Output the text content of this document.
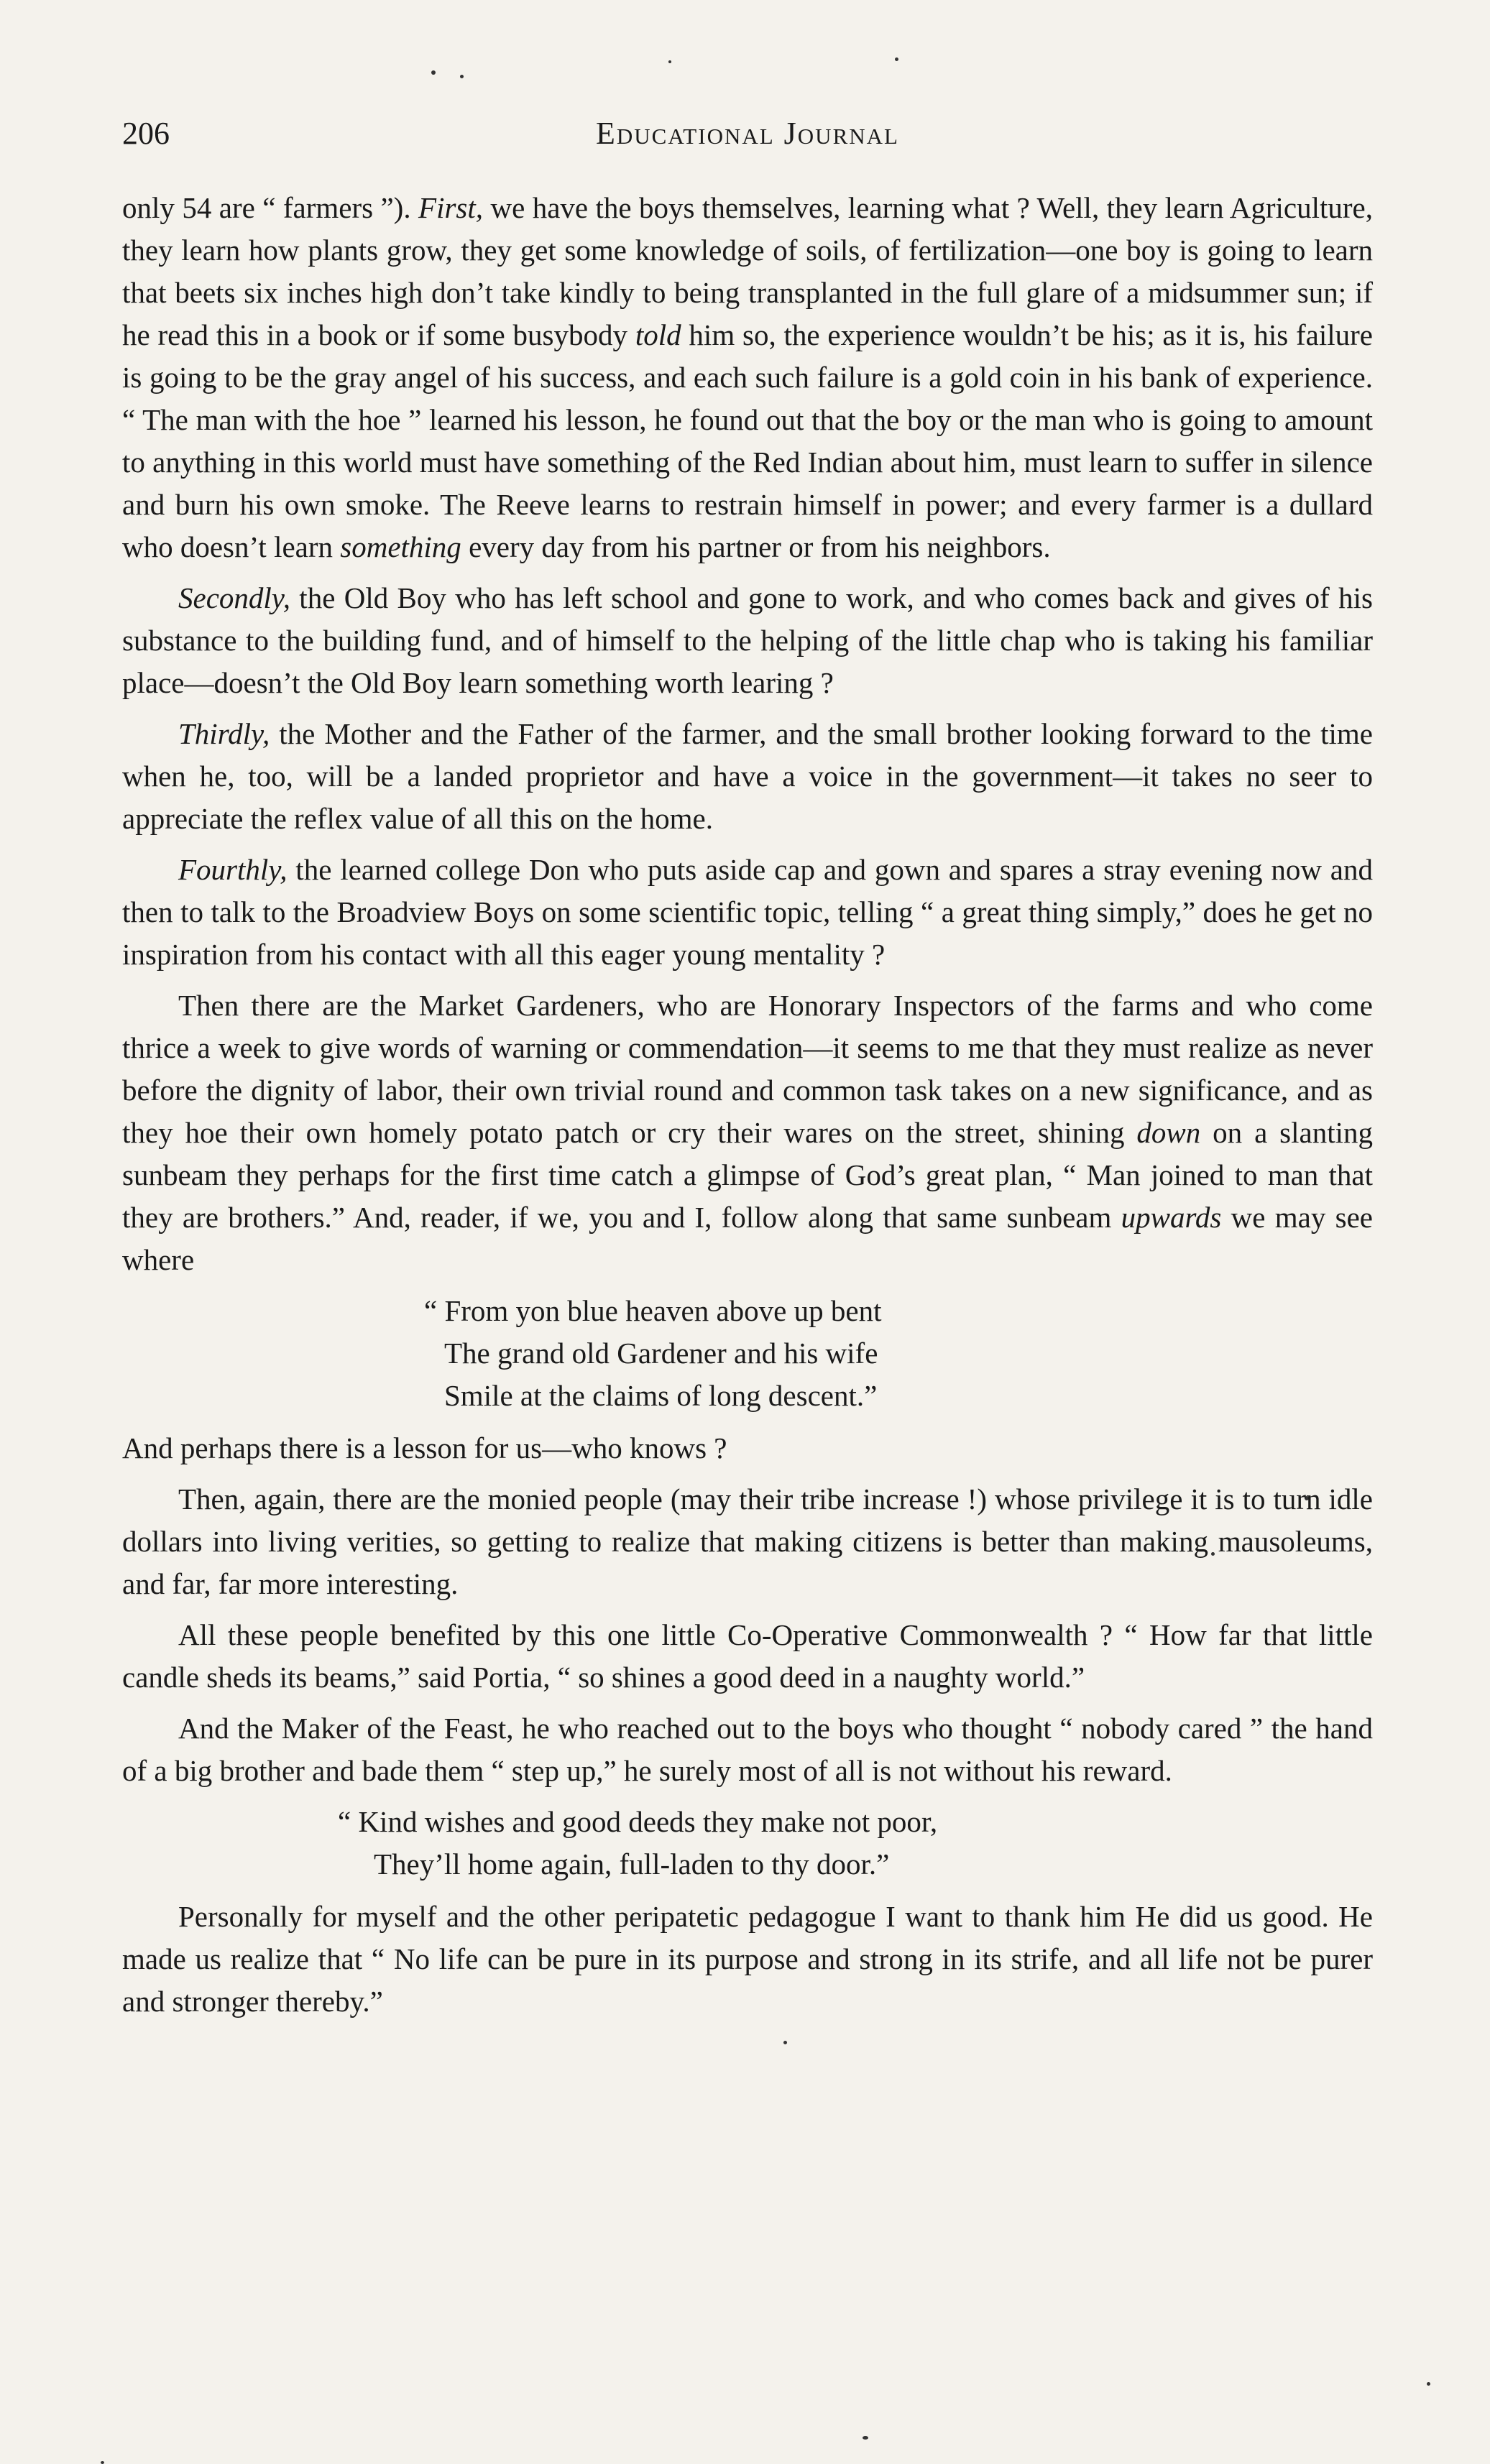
206	Educational Journal

only 54 are “ farmers ”). First, we have the boys themselves, learning what ? Well, they learn Agriculture, they learn how plants grow, they get some knowledge of soils, of fertilization—one boy is going to learn that beets six inches high don’t take kindly to being transplanted in the full glare of a midsummer sun; if he read this in a book or if some busybody told him so, the experience wouldn’t be his; as it is, his failure is going to be the gray angel of his success, and each such failure is a gold coin in his bank of experience. “ The man with the hoe ” learned his lesson, he found out that the boy or the man who is going to amount to anything in this world must have something of the Red Indian about him, must learn to suffer in silence and burn his own smoke. The Reeve learns to restrain himself in power; and every farmer is a dullard who doesn’t learn something every day from his partner or from his neighbors.

Secondly, the Old Boy who has left school and gone to work, and who comes back and gives of his substance to the building fund, and of himself to the helping of the little chap who is taking his familiar place—doesn’t the Old Boy learn something worth learing ?

Thirdly, the Mother and the Father of the farmer, and the small brother looking forward to the time when he, too, will be a landed proprietor and have a voice in the government—it takes no seer to appreciate the reflex value of all this on the home.

Fourthly, the learned college Don who puts aside cap and gown and spares a stray evening now and then to talk to the Broadview Boys on some scientific topic, telling “ a great thing simply,” does he get no inspiration from his contact with all this eager young mentality ?

Then there are the Market Gardeners, who are Honorary Inspectors of the farms and who come thrice a week to give words of warning or commendation—it seems to me that they must realize as never before the dignity of labor, their own trivial round and common task takes on a new significance, and as they hoe their own homely potato patch or cry their wares on the street, shining down on a slanting sunbeam they perhaps for the first time catch a glimpse of God’s great plan, “ Man joined to man that they are brothers.” And, reader, if we, you and I, follow along that same sunbeam upwards we may see where

“ From yon blue heaven above up bent
The grand old Gardener and his wife
Smile at the claims of long descent.”

And perhaps there is a lesson for us—who knows ?

Then, again, there are the monied people (may their tribe increase !) whose privilege it is to turn idle dollars into living verities, so getting to realize that making citizens is better than making mausoleums, and far, far more interesting.

All these people benefited by this one little Co-Operative Commonwealth ? “ How far that little candle sheds its beams,” said Portia, “ so shines a good deed in a naughty world.”

And the Maker of the Feast, he who reached out to the boys who thought “ nobody cared ” the hand of a big brother and bade them “ step up,” he surely most of all is not without his reward.

“ Kind wishes and good deeds they make not poor,
They’ll home again, full-laden to thy door.”

Personally for myself and the other peripatetic pedagogue I want to thank him He did us good. He made us realize that “ No life can be pure in its purpose and strong in its strife, and all life not be purer and stronger thereby.”
